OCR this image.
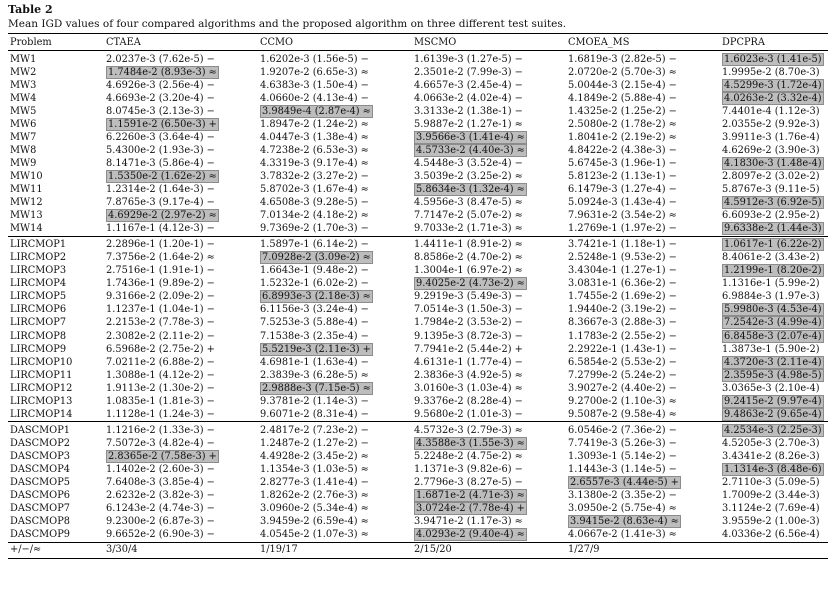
Table 2
Mean IGD values of four compared algorithms and the proposed algorithm on three different test suites.
Problem	CTAEA	CCMO	MSCMO	CMOEA_MS	DPCPRA
MW1	2.0237e-3 (7.62e-5) −	1.6202e-3 (1.56e-5) −	1.6139e-3 (1.27e-5) −	1.6819e-3 (2.82e-5) −	1.6023e-3 (1.41e-5)
MW2	1.7484e-2 (8.93e-3) ≈	1.9207e-2 (6.65e-3) ≈	2.3501e-2 (7.99e-3) −	2.0720e-2 (5.70e-3) ≈	1.9995e-2 (8.70e-3)
MW3	4.6926e-3 (2.56e-4) −	4.6383e-3 (1.50e-4) −	4.6657e-3 (2.45e-4) −	5.0044e-3 (2.15e-4) −	4.5299e-3 (1.72e-4)
MW4	4.6693e-2 (3.20e-4) −	4.0660e-2 (4.13e-4) −	4.0663e-2 (4.02e-4) −	4.1849e-2 (5.88e-4) −	4.0263e-2 (3.32e-4)
MW5	8.0745e-3 (2.13e-3) −	3.9849e-4 (2.87e-4) ≈	3.3133e-2 (1.38e-1) −	1.4325e-2 (1.25e-2) −	7.4401e-4 (1.12e-3)
MW6	1.1591e-2 (6.50e-3) +	1.8947e-2 (1.24e-2) ≈	5.9887e-2 (1.27e-1) ≈	2.5080e-2 (1.78e-2) ≈	2.0355e-2 (9.92e-3)
MW7	6.2260e-3 (3.64e-4) −	4.0447e-3 (1.38e-4) ≈	3.9566e-3 (1.41e-4) ≈	1.8041e-2 (2.19e-2) ≈	3.9911e-3 (1.76e-4)
MW8	5.4300e-2 (1.93e-3) −	4.7238e-2 (6.53e-3) ≈	4.5733e-2 (4.40e-3) ≈	4.8422e-2 (4.38e-3) −	4.6269e-2 (3.90e-3)
MW9	8.1471e-3 (5.86e-4) −	4.3319e-3 (9.17e-4) ≈	4.5448e-3 (3.52e-4) −	5.6745e-3 (1.96e-1) −	4.1830e-3 (1.48e-4)
MW10	1.5350e-2 (1.62e-2) ≈	3.7832e-2 (3.27e-2) −	3.5039e-2 (3.25e-2) ≈	5.8123e-2 (1.13e-1) −	2.8097e-2 (3.02e-2)
MW11	1.2314e-2 (1.64e-3) −	5.8702e-3 (1.67e-4) ≈	5.8634e-3 (1.32e-4) ≈	6.1479e-3 (1.27e-4) −	5.8767e-3 (9.11e-5)
MW12	7.8765e-3 (9.17e-4) −	4.6508e-3 (9.28e-5) −	4.5956e-3 (8.47e-5) ≈	5.0924e-3 (1.43e-4) −	4.5912e-3 (6.92e-5)
MW13	4.6929e-2 (2.97e-2) ≈	7.0134e-2 (4.18e-2) ≈	7.7147e-2 (5.07e-2) ≈	7.9631e-2 (3.54e-2) ≈	6.6093e-2 (2.95e-2)
MW14	1.1167e-1 (4.12e-3) −	9.7369e-2 (1.70e-3) −	9.7033e-2 (1.71e-3) ≈	1.2769e-1 (1.97e-2) −	9.6338e-2 (1.44e-3)
LIRCMOP1	2.2896e-1 (1.20e-1) −	1.5897e-1 (6.14e-2) −	1.4411e-1 (8.91e-2) ≈	3.7421e-1 (1.18e-1) −	1.0617e-1 (6.22e-2)
LIRCMOP2	7.3756e-2 (1.64e-2) ≈	7.0928e-2 (3.09e-2) ≈	8.8586e-2 (4.70e-2) ≈	2.5248e-1 (9.53e-2) −	8.4061e-2 (3.43e-2)
LIRCMOP3	2.7516e-1 (1.91e-1) −	1.6643e-1 (9.48e-2) −	1.3004e-1 (6.97e-2) ≈	3.4304e-1 (1.27e-1) −	1.2199e-1 (8.20e-2)
LIRCMOP4	1.7436e-1 (9.89e-2) −	1.5232e-1 (6.02e-2) −	9.4025e-2 (4.73e-2) ≈	3.0831e-1 (6.36e-2) −	1.1316e-1 (5.99e-2)
LIRCMOP5	9.3166e-2 (2.09e-2) −	6.8993e-3 (2.18e-3) ≈	9.2919e-3 (5.49e-3) −	1.7455e-2 (1.69e-2) −	6.9884e-3 (1.97e-3)
LIRCMOP6	1.1237e-1 (1.04e-1) −	6.1156e-3 (3.24e-4) −	7.0514e-3 (1.50e-3) −	1.9440e-2 (3.19e-2) −	5.9980e-3 (4.53e-4)
LIRCMOP7	2.2153e-2 (7.78e-3) −	7.5253e-3 (5.88e-4) −	1.7984e-2 (3.53e-2) −	8.3667e-3 (2.88e-3) −	7.2542e-3 (4.99e-4)
LIRCMOP8	2.3082e-2 (2.11e-2) −	7.1538e-3 (2.35e-4) −	9.1395e-3 (8.72e-3) −	1.1783e-2 (2.55e-2) −	6.8458e-3 (2.07e-4)
LIRCMOP9	6.5968e-2 (2.75e-2) +	5.5219e-3 (2.11e-3) +	7.7941e-2 (5.44e-2) +	2.2922e-1 (1.43e-1) −	1.3873e-1 (5.90e-2)
LIRCMOP10	7.0211e-2 (6.88e-2) −	4.6981e-1 (1.63e-4) −	4.6131e-1 (1.77e-4) −	6.5854e-2 (5.53e-2) −	4.3720e-3 (2.11e-4)
LIRCMOP11	1.3088e-1 (4.12e-2) −	2.3839e-3 (6.28e-5) ≈	2.3836e-3 (4.92e-5) ≈	7.2799e-2 (5.24e-2) −	2.3595e-3 (4.98e-5)
LIRCMOP12	1.9113e-2 (1.30e-2) −	2.9888e-3 (7.15e-5) ≈	3.0160e-3 (1.03e-4) ≈	3.9027e-2 (4.40e-2) −	3.0365e-3 (2.10e-4)
LIRCMOP13	1.0835e-1 (1.81e-3) −	9.3781e-2 (1.14e-3) −	9.3376e-2 (8.28e-4) −	9.2700e-2 (1.10e-3) ≈	9.2415e-2 (9.97e-4)
LIRCMOP14	1.1128e-1 (1.24e-3) −	9.6071e-2 (8.31e-4) −	9.5680e-2 (1.01e-3) −	9.5087e-2 (9.58e-4) ≈	9.4863e-2 (9.65e-4)
DASCMOP1	1.1216e-2 (1.33e-3) −	2.4817e-2 (7.23e-2) −	4.5732e-3 (2.79e-3) ≈	6.0546e-2 (7.36e-2) −	4.2534e-3 (2.25e-3)
DASCMOP2	7.5072e-3 (4.82e-4) −	1.2487e-2 (1.27e-2) −	4.3588e-3 (1.55e-3) ≈	7.7419e-3 (5.26e-3) −	4.5205e-3 (2.70e-3)
DASCMOP3	2.8365e-2 (7.58e-3) +	4.4928e-2 (3.45e-2) ≈	5.2248e-2 (4.75e-2) ≈	1.3093e-1 (5.14e-2) −	3.4341e-2 (8.26e-3)
DASCMOP4	1.1402e-2 (2.60e-3) −	1.1354e-3 (1.03e-5) ≈	1.1371e-3 (9.82e-6) −	1.1443e-3 (1.14e-5) −	1.1314e-3 (8.48e-6)
DASCMOP5	7.6408e-3 (3.85e-4) −	2.8277e-3 (1.41e-4) −	2.7796e-3 (8.27e-5) −	2.6557e-3 (4.44e-5) +	2.7110e-3 (5.09e-5)
DASCMOP6	2.6232e-2 (3.82e-3) −	1.8262e-2 (2.76e-3) ≈	1.6871e-2 (4.71e-3) ≈	3.1380e-2 (3.35e-2) −	1.7009e-2 (3.44e-3)
DASCMOP7	6.1243e-2 (4.74e-3) −	3.0960e-2 (5.34e-4) ≈	3.0724e-2 (7.78e-4) +	3.0950e-2 (5.75e-4) ≈	3.1124e-2 (7.69e-4)
DASCMOP8	9.2300e-2 (6.87e-3) −	3.9459e-2 (6.59e-4) ≈	3.9471e-2 (1.17e-3) ≈	3.9415e-2 (8.63e-4) ≈	3.9559e-2 (1.00e-3)
DASCMOP9	9.6652e-2 (6.90e-3) −	4.0545e-2 (1.07e-3) ≈	4.0293e-2 (9.40e-4) ≈	4.0667e-2 (1.41e-3) ≈	4.0336e-2 (6.56e-4)
+/−/≈	3/30/4	1/19/17	2/15/20	1/27/9	
